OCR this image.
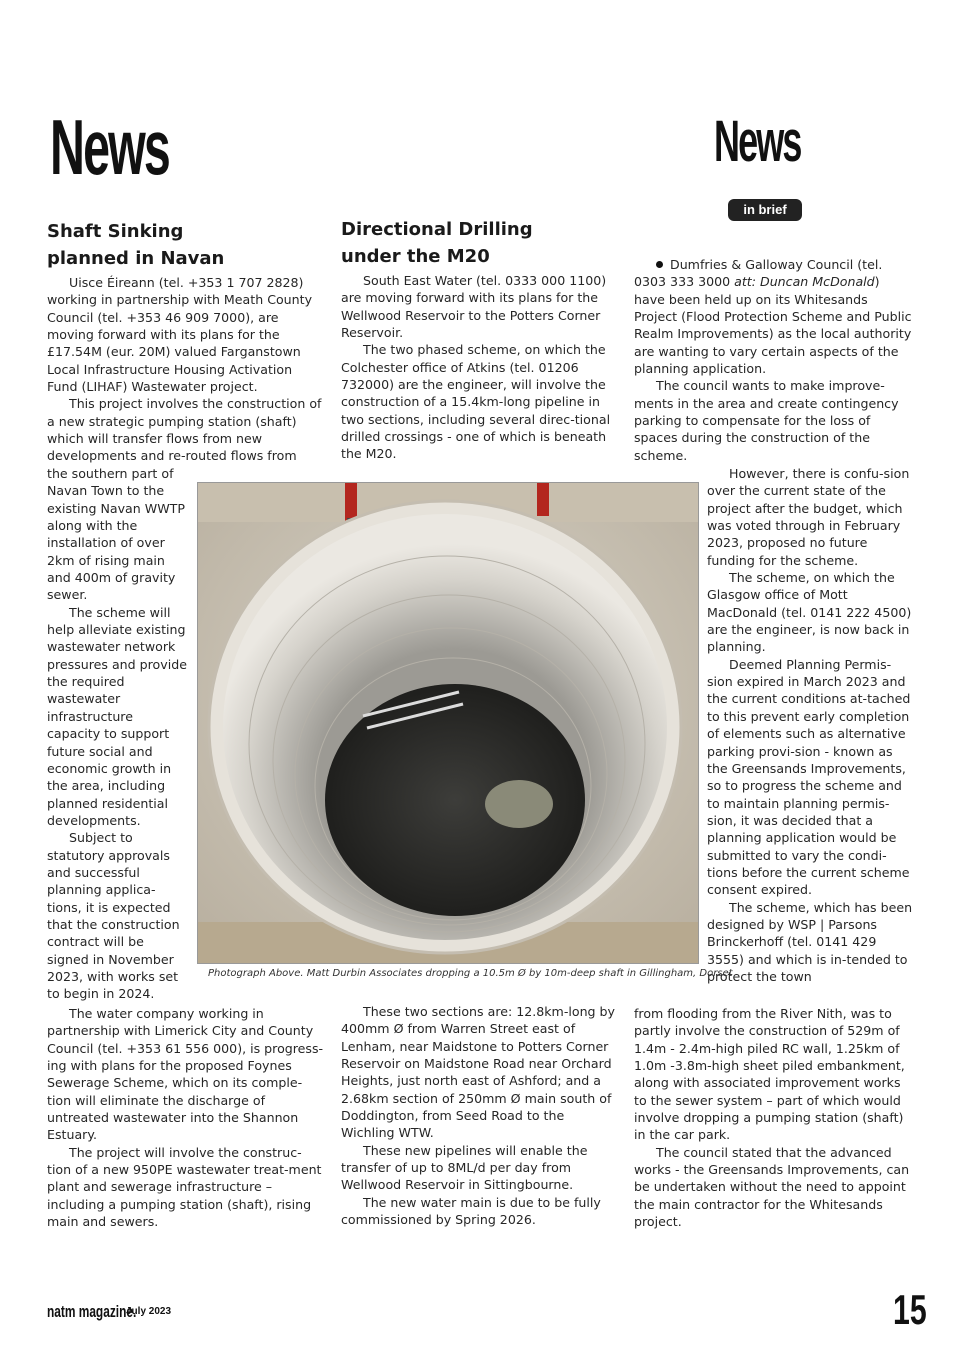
News	News
in brief
Shaft Sinking
planned in Navan

Uisce Éireann (tel. +353 1 707 2828) working in partnership with Meath County Council (tel. +353 46 909 7000), are moving forward with its plans for the £17.54M (eur. 20M) valued Farganstown Local Infrastructure Housing Activation Fund (LIHAF) Wastewater project.

This project involves the construction of a new strategic pumping station (shaft) which will transfer flows from new developments and re-routed flows from

the southern part of Navan Town to the existing Navan WWTP along with the installation of over 2km of rising main and 400m of gravity sewer.

The scheme will help alleviate existing wastewater network pressures and provide the required wastewater infrastructure capacity to support future social and economic growth in the area, including planned residential developments.

Subject to statutory approvals and successful planning applica-tions, it is expected that the construction contract will be signed in November 2023, with works set to begin in 2024.

The water company working in partnership with Limerick City and County Council (tel. +353 61 556 000), is progress-ing with plans for the proposed Foynes Sewerage Scheme, which on its comple-tion will eliminate the discharge of untreated wastewater into the Shannon Estuary.

The project will involve the construc-tion of a new 950PE wastewater treat-ment plant and sewerage infrastructure – including a pumping station (shaft), rising main and sewers.

Directional Drilling
under the M20

South East Water (tel. 0333 000 1100) are moving forward with its plans for the Wellwood Reservoir to the Potters Corner Reservoir.

The two phased scheme, on which the Colchester office of Atkins (tel. 01206 732000) are the engineer, will involve the construction of a 15.4km-long pipeline in two sections, including several direc-tional drilled crossings - one of which is beneath the M20.

These two sections are: 12.8km-long by 400mm Ø from Warren Street east of Lenham, near Maidstone to Potters Corner Reservoir on Maidstone Road near Orchard Heights, just north east of Ashford; and a 2.68km section of 250mm Ø main south of Doddington, from Seed Road to the Wichling WTW.

These new pipelines will enable the transfer of up to 8ML/d per day from Wellwood Reservoir in Sittingbourne.

The new water main is due to be fully commissioned by Spring 2026.

Dumfries & Galloway Council (tel. 0303 333 3000 att: Duncan McDonald) have been held up on its Whitesands Project (Flood Protection Scheme and Public Realm Improvements) as the local authority are wanting to vary certain aspects of the planning application.

The council wants to make improve-ments in the area and create contingency parking to compensate for the loss of spaces during the construction of the scheme.

However, there is confu-sion over the current state of the project after the budget, which was voted through in February 2023, proposed no future funding for the scheme.

The scheme, on which the Glasgow office of Mott MacDonald (tel. 0141 222 4500) are the engineer, is now back in planning.

Deemed Planning Permis-sion expired in March 2023 and the current conditions at-tached to this prevent early completion of elements such as alternative parking provi-sion - known as the Greensands Improvements, so to progress the scheme and to maintain planning permis-sion, it was decided that a planning application would be submitted to vary the condi-tions before the current scheme consent expired.

The scheme, which has been designed by WSP | Parsons Brinckerhoff (tel. 0141 429 3555) and which is in-tended to protect the town

from flooding from the River Nith, was to partly involve the construction of 529m of 1.4m - 2.4m-high piled RC wall, 1.25km of 1.0m -3.8m-high sheet piled embankment, along with associated improvement works to the sewer system – part of which would involve dropping a pumping station (shaft) in the car park.

The council stated that the advanced works - the Greensands Improvements, can be undertaken without the need to appoint the main contractor for the Whitesands project.

Photograph Above. Matt Durbin Associates dropping a 10.5m Ø by 10m-deep shaft in Gillingham, Dorset
natm magazine.
July 2023	15
